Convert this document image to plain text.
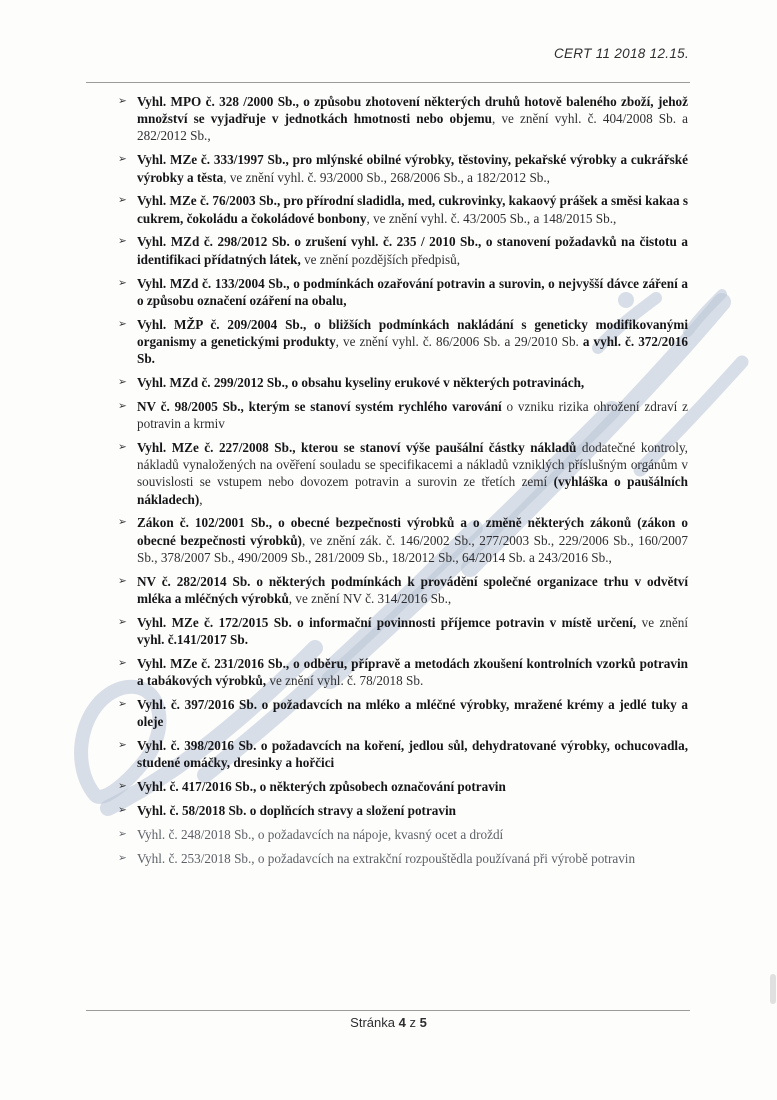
CERT 11 2018 12.15.
➢ Vyhl. MPO č. 328 /2000 Sb., o způsobu zhotovení některých druhů hotově baleného zboží, jehož množství se vyjadřuje v jednotkách hmotnosti nebo objemu, ve znění vyhl. č. 404/2008 Sb. a 282/2012 Sb.,
➢ Vyhl. MZe č. 333/1997 Sb., pro mlýnské obilné výrobky, těstoviny, pekařské výrobky a cukrářské výrobky a těsta, ve znění vyhl. č. 93/2000 Sb., 268/2006 Sb., a 182/2012 Sb.,
➢ Vyhl. MZe č. 76/2003 Sb., pro přírodní sladidla, med, cukrovinky, kakaový prášek a směsi kakaa s cukrem, čokoládu a čokoládové bonbony, ve znění vyhl. č. 43/2005 Sb., a 148/2015 Sb.,
➢ Vyhl. MZd č. 298/2012 Sb. o zrušení vyhl. č. 235 / 2010 Sb., o stanovení požadavků na čistotu a identifikaci přídatných látek, ve znění pozdějších předpisů,
➢ Vyhl. MZd č. 133/2004 Sb., o podmínkách ozařování potravin a surovin, o nejvyšší dávce záření a o způsobu označení ozáření na obalu,
➢ Vyhl. MŽP č. 209/2004 Sb., o bližších podmínkách nakládání s geneticky modifikovanými organismy a genetickými produkty, ve znění vyhl. č. 86/2006 Sb. a 29/2010 Sb. a vyhl. č. 372/2016 Sb.
➢ Vyhl. MZd č. 299/2012 Sb., o obsahu kyseliny erukové v některých potravinách,
➢ NV č. 98/2005 Sb., kterým se stanoví systém rychlého varování o vzniku rizika ohrožení zdraví z potravin a krmiv
➢ Vyhl. MZe č. 227/2008 Sb., kterou se stanoví výše paušální částky nákladů dodatečné kontroly, nákladů vynaložených na ověření souladu se specifikacemi a nákladů vzniklých příslušným orgánům v souvislosti se vstupem nebo dovozem potravin a surovin ze třetích zemí (vyhláška o paušálních nákladech),
➢ Zákon č. 102/2001 Sb., o obecné bezpečnosti výrobků a o změně některých zákonů (zákon o obecné bezpečnosti výrobků), ve znění zák. č. 146/2002 Sb., 277/2003 Sb., 229/2006 Sb., 160/2007 Sb., 378/2007 Sb., 490/2009 Sb., 281/2009 Sb., 18/2012 Sb., 64/2014 Sb. a 243/2016 Sb.,
➢ NV č. 282/2014 Sb. o některých podmínkách k provádění společné organizace trhu v odvětví mléka a mléčných výrobků, ve znění NV č. 314/2016 Sb.,
➢ Vyhl. MZe č. 172/2015 Sb. o informační povinnosti příjemce potravin v místě určení, ve znění vyhl. č.141/2017 Sb.
➢ Vyhl. MZe č. 231/2016 Sb., o odběru, přípravě a metodách zkoušení kontrolních vzorků potravin a tabákových výrobků, ve znění vyhl. č. 78/2018 Sb.
➢ Vyhl. č. 397/2016 Sb. o požadavcích na mléko a mléčné výrobky, mražené krémy a jedlé tuky a oleje
➢ Vyhl. č. 398/2016 Sb. o požadavcích na koření, jedlou sůl, dehydratované výrobky, ochucovadla, studené omáčky, dresinky a hořčici
➢ Vyhl. č. 417/2016 Sb., o některých způsobech označování potravin
➢ Vyhl. č. 58/2018 Sb. o doplňcích stravy a složení potravin
➢ Vyhl. č. 248/2018 Sb., o požadavcích na nápoje, kvasný ocet a droždí
➢ Vyhl. č. 253/2018 Sb., o požadavcích na extrakční rozpouštědla používaná při výrobě potravin
Stránka 4 z 5
